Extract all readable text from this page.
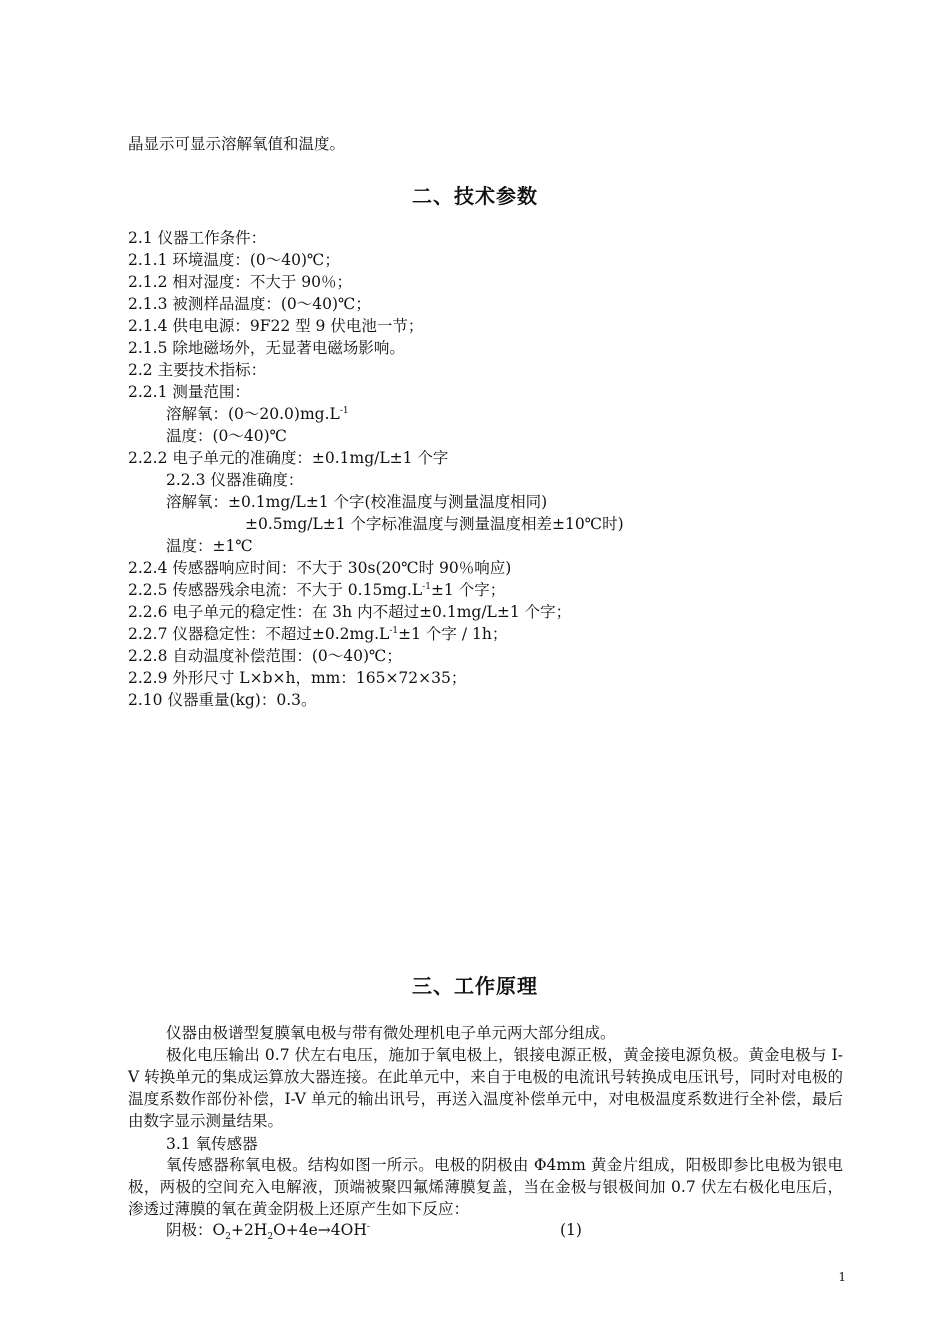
晶显示可显示溶解氧值和温度。
二、技术参数
2.1 仪器工作条件：
2.1.1 环境温度：(0～40)℃；
2.1.2 相对湿度：不大于 90％；
2.1.3 被测样品温度：(0～40)℃；
2.1.4 供电电源：9F22 型 9 伏电池一节；
2.1.5 除地磁场外，无显著电磁场影响。
2.2 主要技术指标：
2.2.1 测量范围：
溶解氧：$(0\sim 20.0)mg.L^{-1}$
温度：(0～40)℃
2.2.2 电子单元的准确度：±0.1mg/L±1 个字
2.2.3 仪器准确度：
溶解氧：±0.1mg/L±1 个字(校准温度与测量温度相同)
±0.5mg/L±1 个字标准温度与测量温度相差±10℃时)
温度：±1℃
2.2.4 传感器响应时间：不大于 30s(20℃时 90％响应)
2.2.5 传感器残余电流：不大于 $0.15mg.L^{-1}\pm 1$ 个字；
2.2.6 电子单元的稳定性：在 3h 内不超过±0.1mg/L±1 个字；
2.2.7 仪器稳定性：不超过$\pm 0.2mg.L^{-1}\pm 1$ 个字 / 1h；
2.2.8 自动温度补偿范围：(0～40)℃；
2.2.9 外形尺寸 L×b×h，mm：165×72×35；
2.10 仪器重量(kg)：0.3。
三、工作原理
仪器由极谱型复膜氧电极与带有微处理机电子单元两大部分组成。
极化电压输出 0.7 伏左右电压，施加于氧电极上，银接电源正极，黄金接电源负极。黄金电极与 I-V 转换单元的集成运算放大器连接。在此单元中，来自于电极的电流讯号转换成电压讯号，同时对电极的温度系数作部份补偿，I-V 单元的输出讯号，再送入温度补偿单元中，对电极温度系数进行全补偿，最后由数字显示测量结果。
3.1 氧传感器
氧传感器称氧电极。结构如图一所示。电极的阴极由 Φ4mm 黄金片组成，阳极即参比电极为银电极，两极的空间充入电解液，顶端被聚四氟烯薄膜复盖，当在金极与银极间加 0.7 伏左右极化电压后，渗透过薄膜的氧在黄金阴极上还原产生如下反应：
阴极：$O_2+2H_2O+4e\to 4OH^-$	(1)
1
